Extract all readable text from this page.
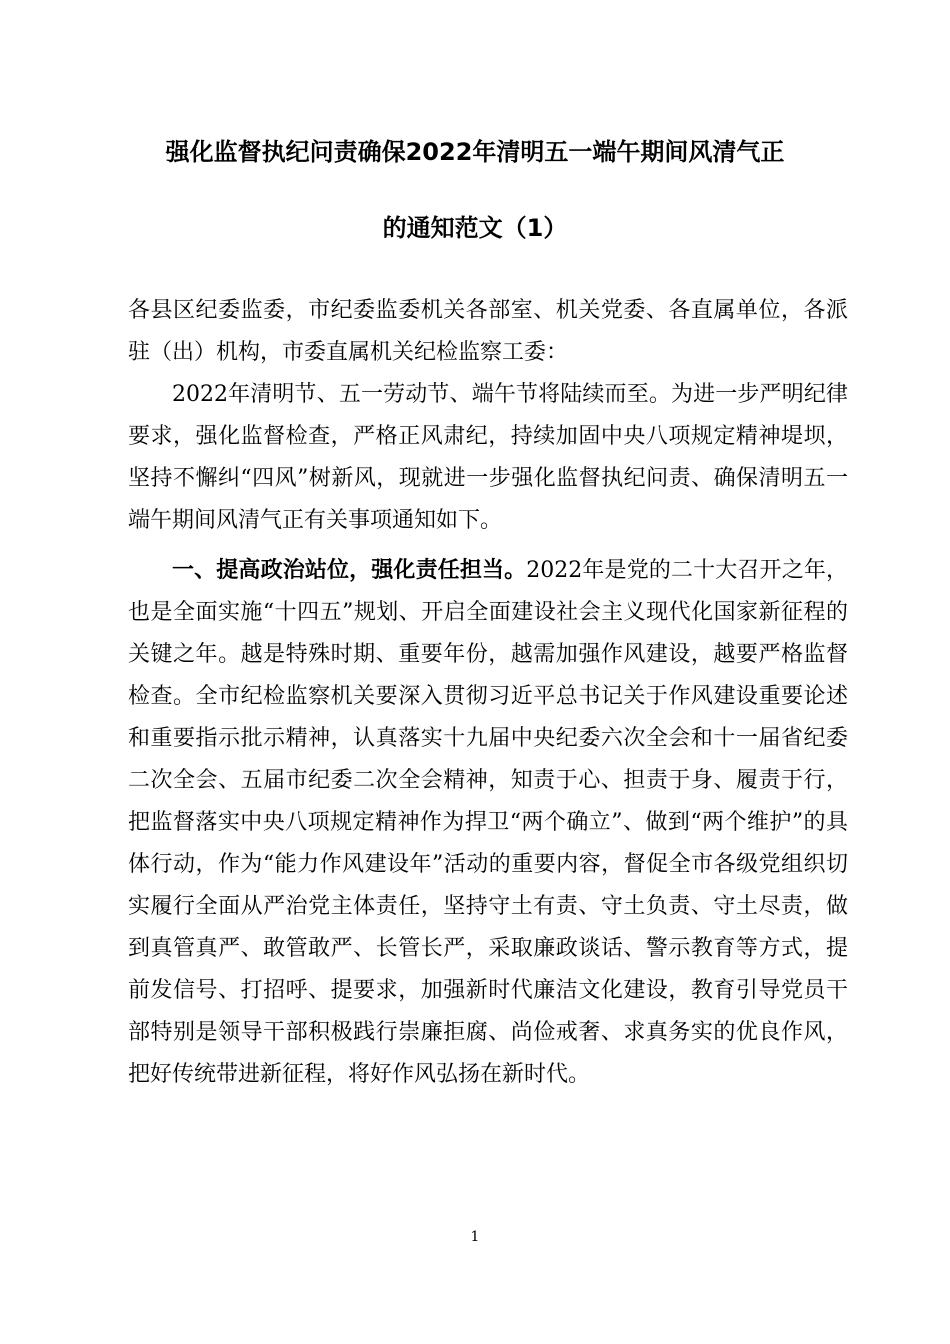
强化监督执纪问责确保2022年清明五一端午期间风清气正
的通知范文（1）

各县区纪委监委，市纪委监委机关各部室、机关党委、各直属单位，各派驻（出）机构，市委直属机关纪检监察工委：

2022年清明节、五一劳动节、端午节将陆续而至。为进一步严明纪律要求，强化监督检查，严格正风肃纪，持续加固中央八项规定精神堤坝，坚持不懈纠“四风”树新风，现就进一步强化监督执纪问责、确保清明五一端午期间风清气正有关事项通知如下。

一、提高政治站位，强化责任担当。2022年是党的二十大召开之年，也是全面实施“十四五”规划、开启全面建设社会主义现代化国家新征程的关键之年。越是特殊时期、重要年份，越需加强作风建设，越要严格监督检查。全市纪检监察机关要深入贯彻习近平总书记关于作风建设重要论述和重要指示批示精神，认真落实十九届中央纪委六次全会和十一届省纪委二次全会、五届市纪委二次全会精神，知责于心、担责于身、履责于行，把监督落实中央八项规定精神作为捍卫“两个确立”、做到“两个维护”的具体行动，作为“能力作风建设年”活动的重要内容，督促全市各级党组织切实履行全面从严治党主体责任，坚持守土有责、守土负责、守土尽责，做到真管真严、敢管敢严、长管长严，采取廉政谈话、警示教育等方式，提前发信号、打招呼、提要求，加强新时代廉洁文化建设，教育引导党员干部特别是领导干部积极践行崇廉拒腐、尚俭戒奢、求真务实的优良作风，把好传统带进新征程，将好作风弘扬在新时代。

1
